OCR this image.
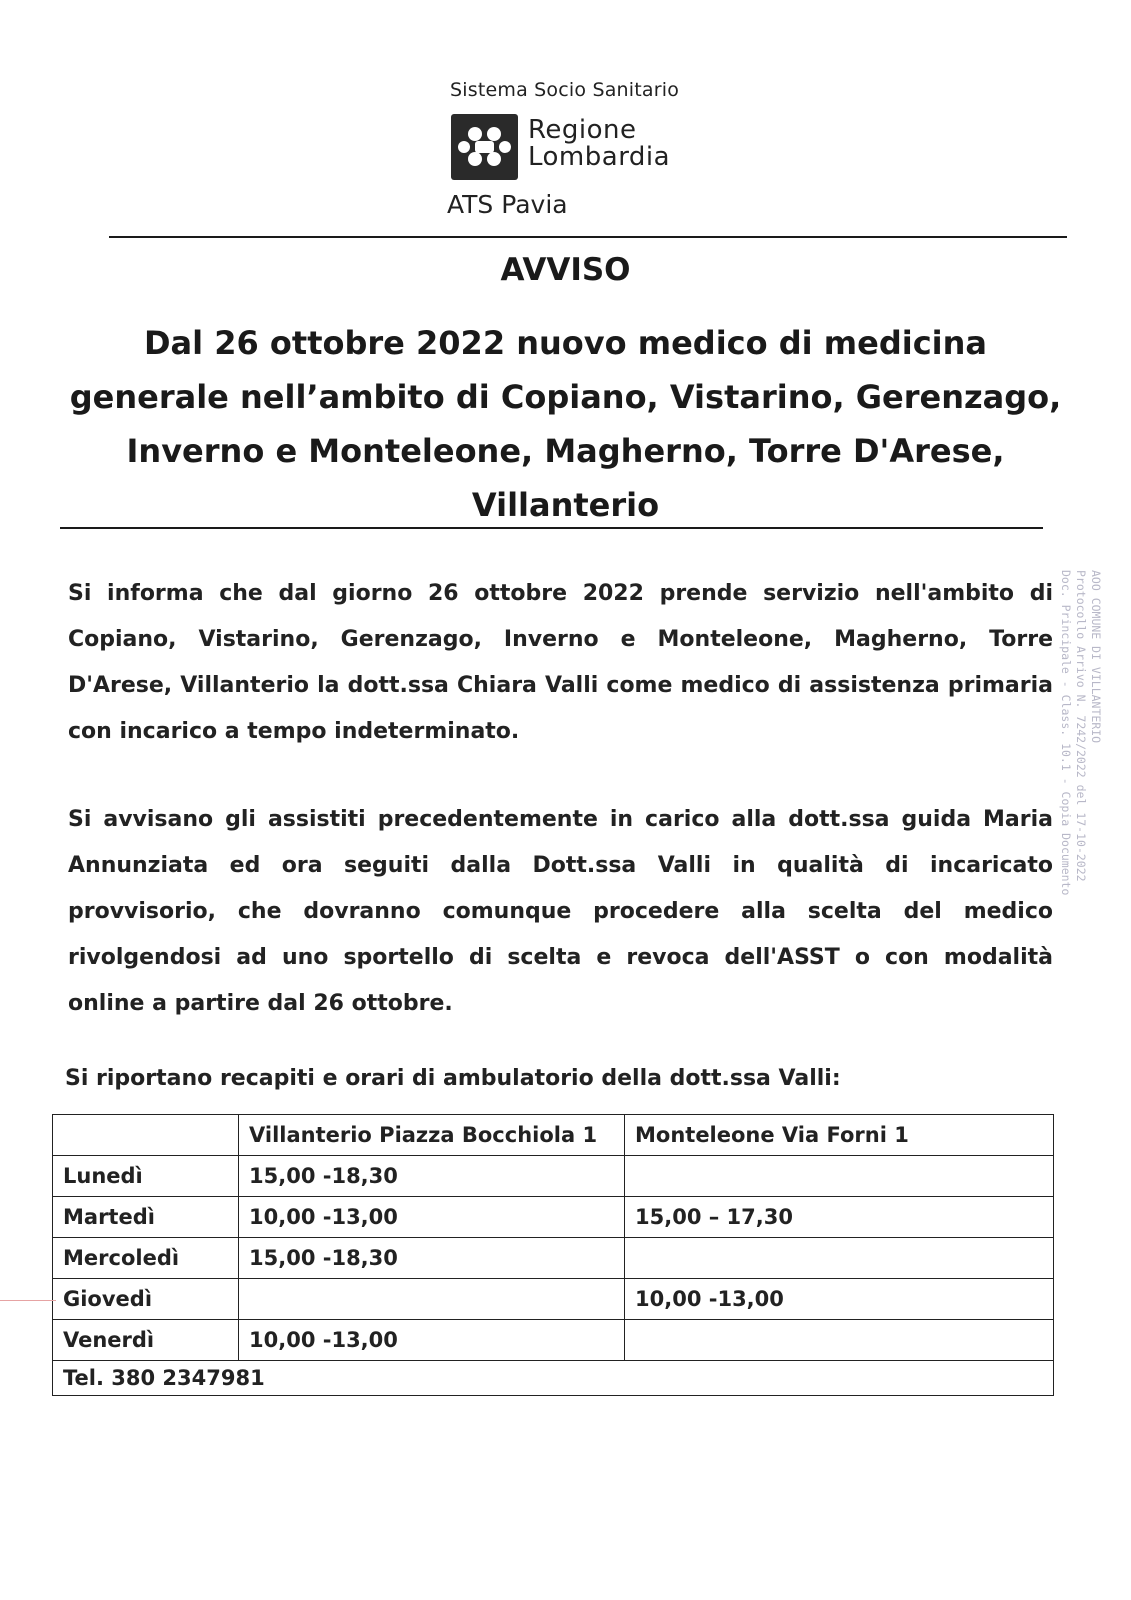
Sistema Socio Sanitario
Regione
Lombardia
ATS Pavia
AVVISO
Dal 26 ottobre 2022 nuovo medico di medicina
generale nell’ambito di Copiano, Vistarino, Gerenzago,
Inverno e Monteleone, Magherno, Torre D'Arese,
Villanterio
Si informa che dal giorno 26 ottobre 2022 prende servizio nell'ambito di Copiano, Vistarino, Gerenzago, Inverno e Monteleone, Magherno, Torre D'Arese, Villanterio la dott.ssa Chiara Valli come medico di assistenza primaria con incarico a tempo indeterminato.
Si avvisano gli assistiti precedentemente in carico alla dott.ssa guida Maria Annunziata ed ora seguiti dalla Dott.ssa Valli in qualità di incaricato provvisorio, che dovranno comunque procedere alla scelta del medico rivolgendosi ad uno sportello di scelta e revoca dell'ASST o con modalità online a partire dal 26 ottobre.
Si riportano recapiti e orari di ambulatorio della dott.ssa Valli:
	Villanterio Piazza Bocchiola 1	Monteleone Via Forni 1
Lunedì	15,00 -18,30	
Martedì	10,00 -13,00	15,00 – 17,30
Mercoledì	15,00 -18,30	
Giovedì		10,00 -13,00
Venerdì	10,00 -13,00	
Tel. 380 2347981		
AOO COMUNE DI VILLANTERIO
Protocollo Arrivo N. 7242/2022 del 17-10-2022
Doc. Principale - Class. 10.1 - Copia Documento
